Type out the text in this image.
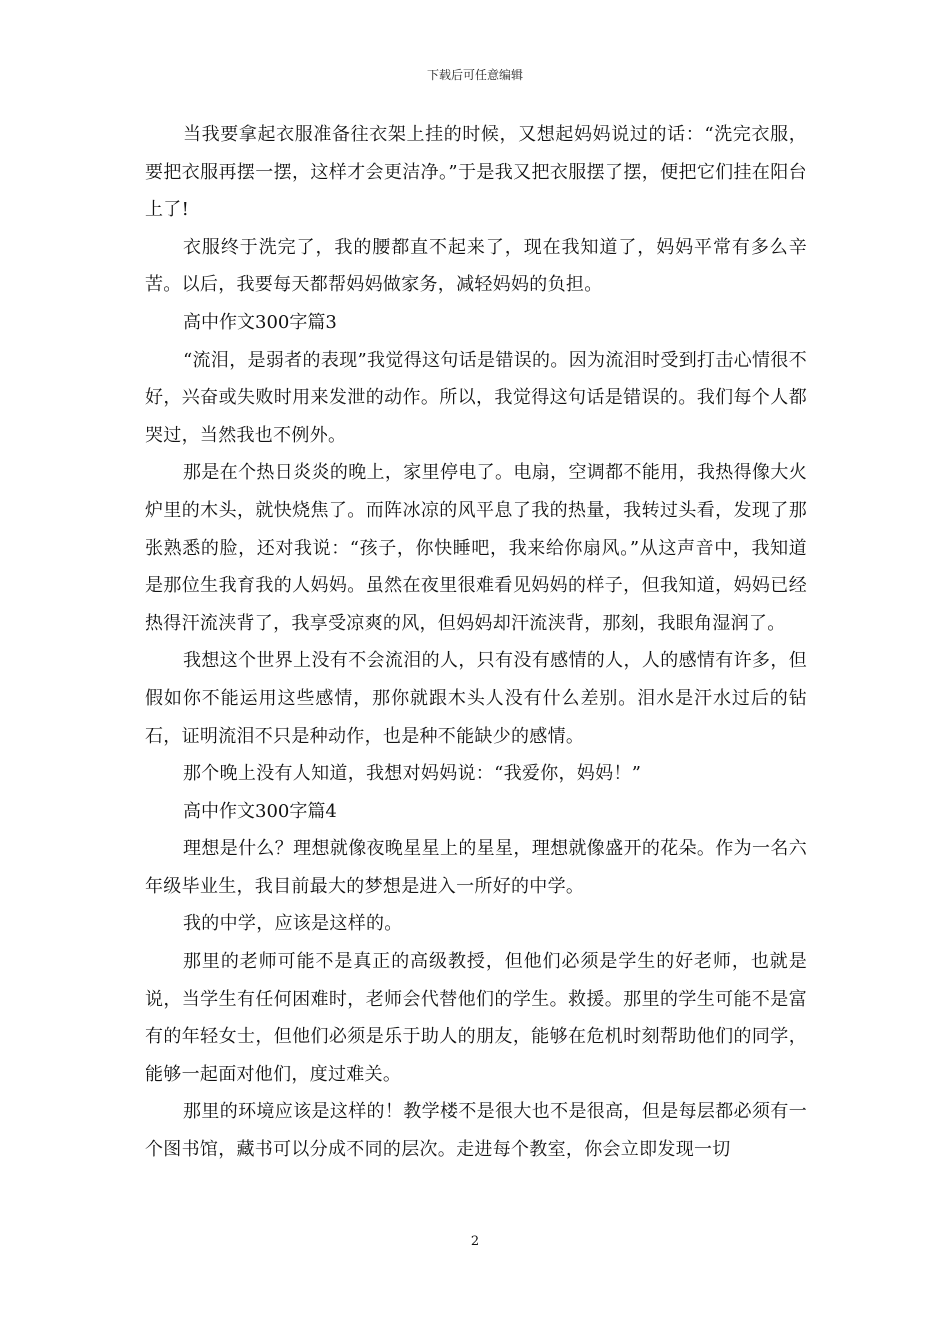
下载后可任意编辑

当我要拿起衣服准备往衣架上挂的时候，又想起妈妈说过的话：“洗完衣服，要把衣服再摆一摆，这样才会更洁净。”于是我又把衣服摆了摆，便把它们挂在阳台上了!

衣服终于洗完了，我的腰都直不起来了，现在我知道了，妈妈平常有多么辛苦。以后，我要每天都帮妈妈做家务，减轻妈妈的负担。

高中作文300字篇3

“流泪，是弱者的表现”我觉得这句话是错误的。因为流泪时受到打击心情很不好，兴奋或失败时用来发泄的动作。所以，我觉得这句话是错误的。我们每个人都哭过，当然我也不例外。

那是在个热日炎炎的晚上，家里停电了。电扇，空调都不能用，我热得像大火炉里的木头，就快烧焦了。而阵冰凉的风平息了我的热量，我转过头看，发现了那张熟悉的脸，还对我说：“孩子，你快睡吧，我来给你扇风。”从这声音中，我知道是那位生我育我的人妈妈。虽然在夜里很难看见妈妈的样子，但我知道，妈妈已经热得汗流浃背了，我享受凉爽的风，但妈妈却汗流浃背，那刻，我眼角湿润了。

我想这个世界上没有不会流泪的人，只有没有感情的人，人的感情有许多，但假如你不能运用这些感情，那你就跟木头人没有什么差别。泪水是汗水过后的钻石，证明流泪不只是种动作，也是种不能缺少的感情。

那个晚上没有人知道，我想对妈妈说：“我爱你，妈妈！”

高中作文300字篇4

理想是什么？理想就像夜晚星星上的星星，理想就像盛开的花朵。作为一名六年级毕业生，我目前最大的梦想是进入一所好的中学。

我的中学，应该是这样的。

那里的老师可能不是真正的高级教授，但他们必须是学生的好老师，也就是说，当学生有任何困难时，老师会代替他们的学生。救援。那里的学生可能不是富有的年轻女士，但他们必须是乐于助人的朋友，能够在危机时刻帮助他们的同学，能够一起面对他们，度过难关。

那里的环境应该是这样的！教学楼不是很大也不是很高，但是每层都必须有一个图书馆，藏书可以分成不同的层次。走进每个教室，你会立即发现一切

2
